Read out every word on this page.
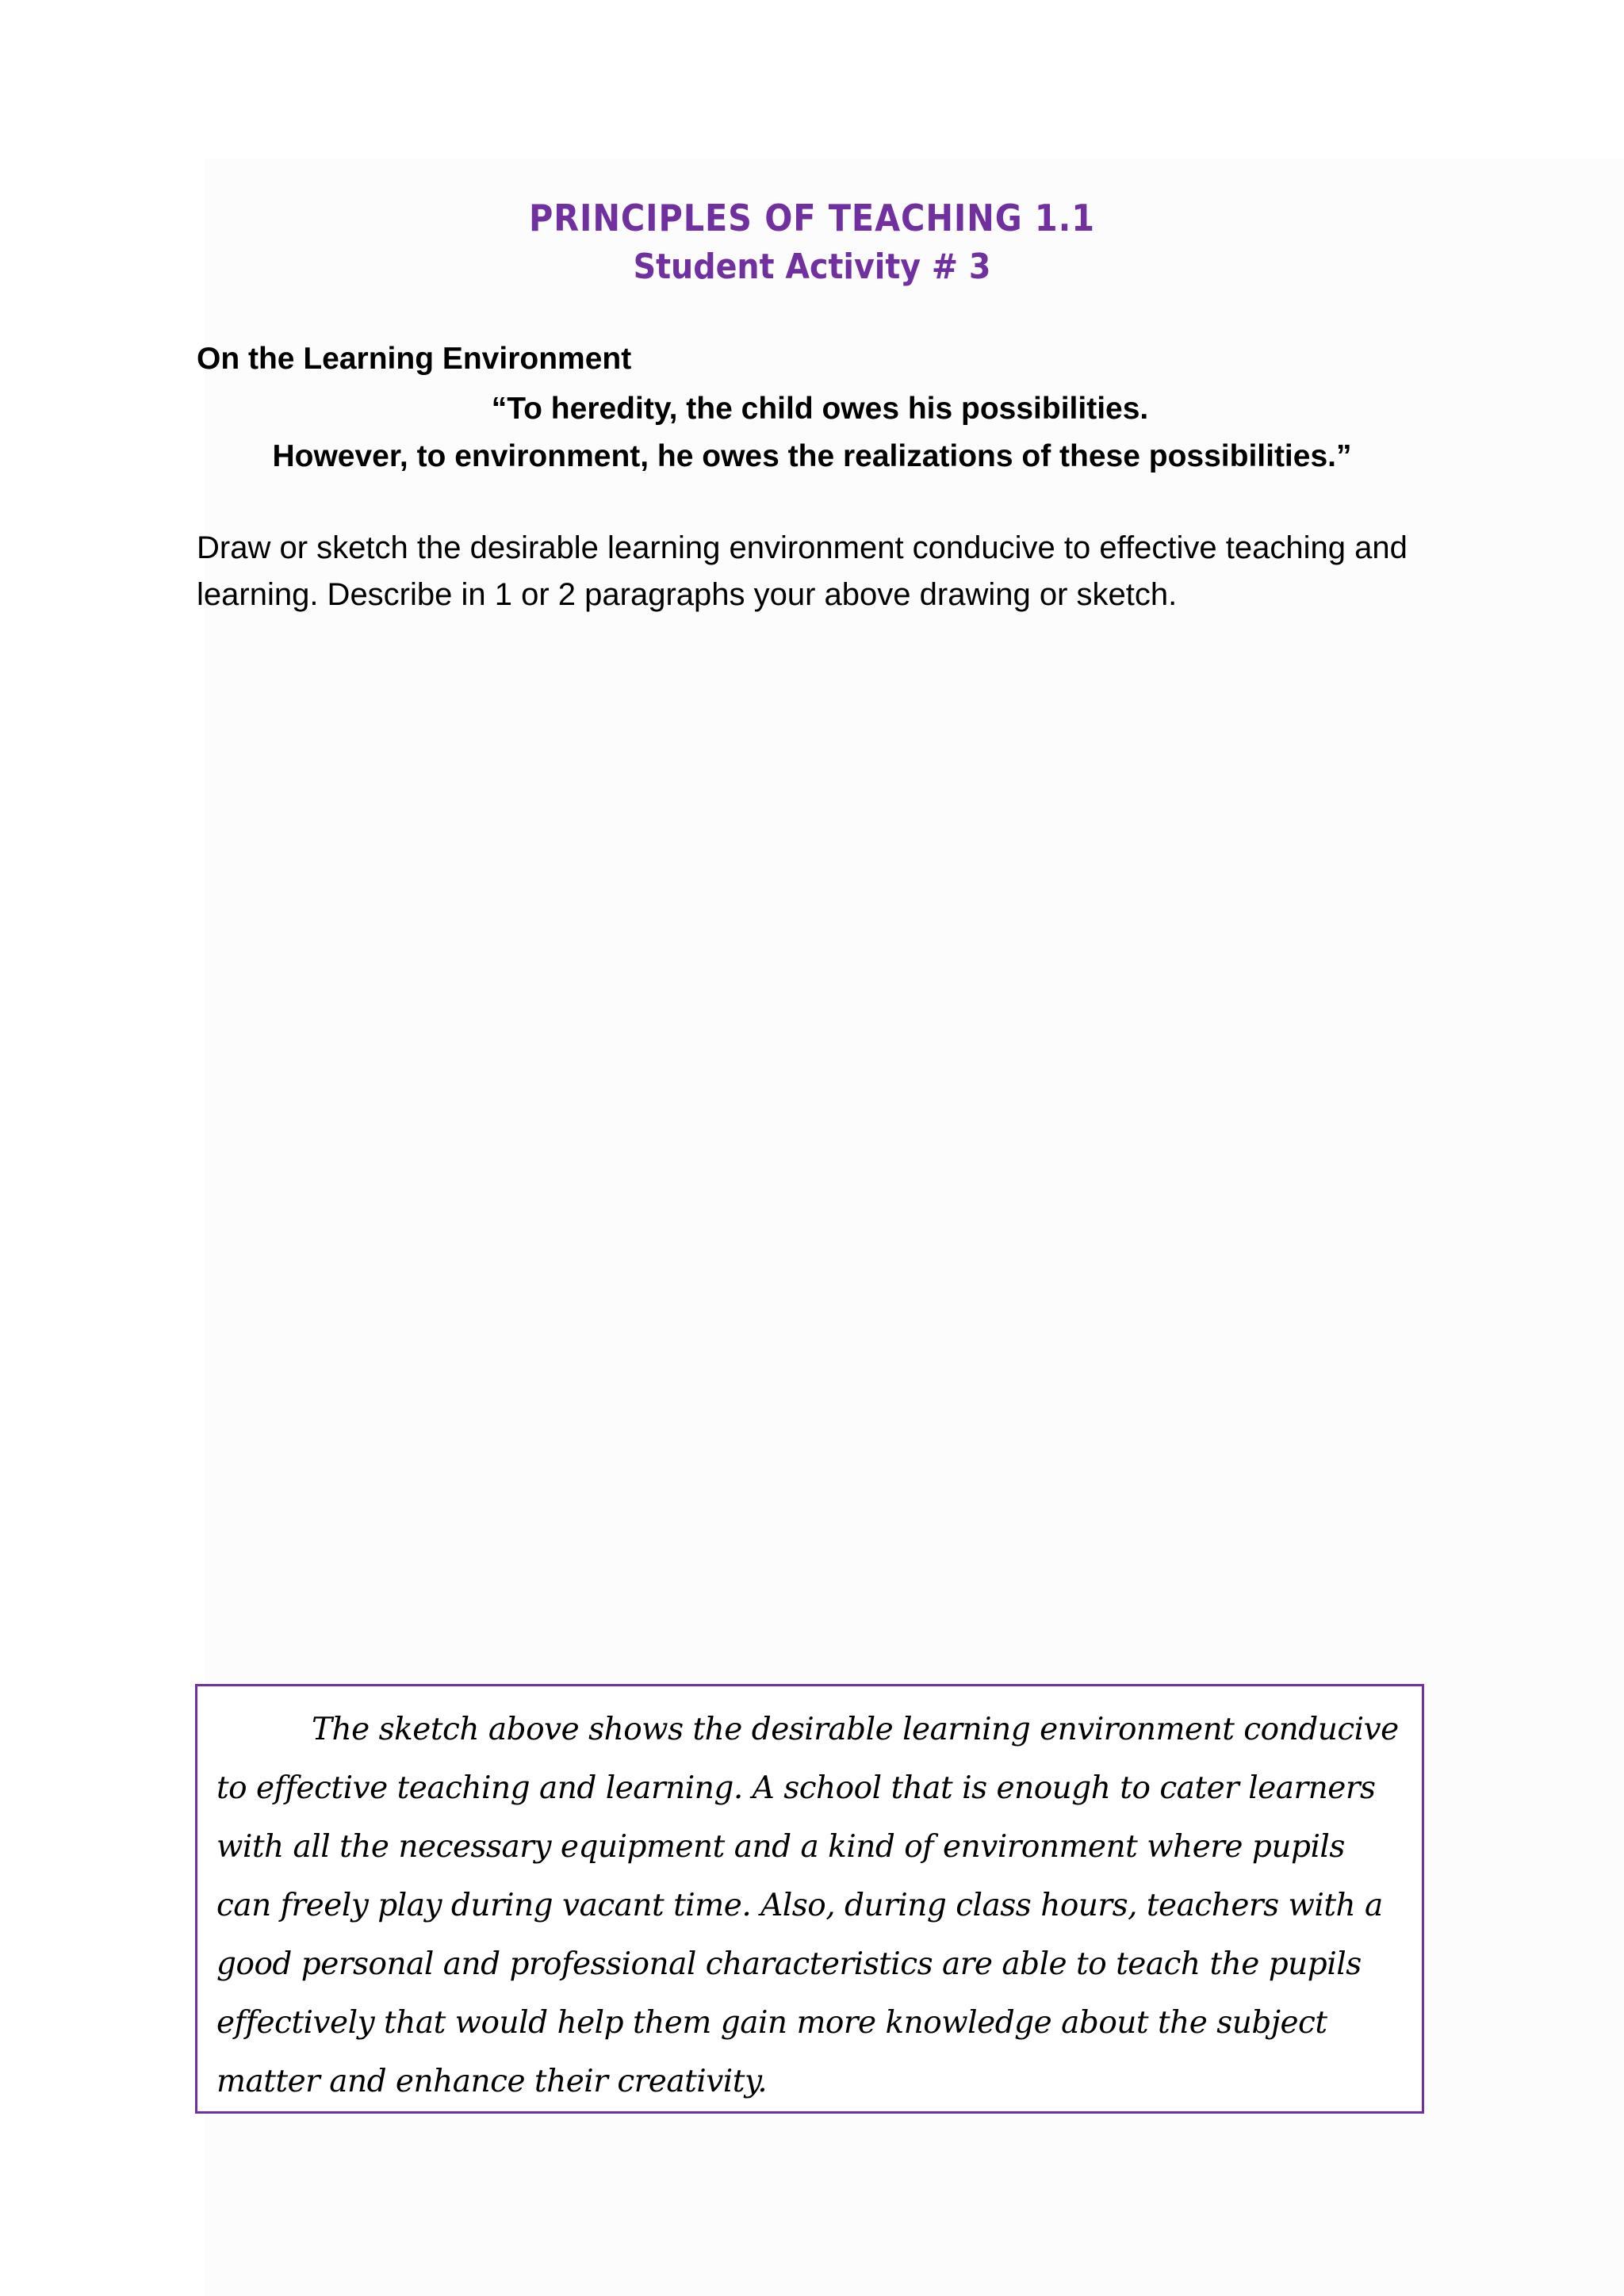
PRINCIPLES OF TEACHING 1.1
Student Activity # 3
On the Learning Environment
“To heredity, the child owes his possibilities.
However, to environment, he owes the realizations of these possibilities.”
Draw or sketch the desirable learning environment conducive to effective teaching and learning. Describe in 1 or 2 paragraphs your above drawing or sketch.
The sketch above shows the desirable learning environment conducive to effective teaching and learning. A school that is enough to cater learners with all the necessary equipment and a kind of environment where pupils can freely play during vacant time. Also, during class hours, teachers with a good personal and professional characteristics are able to teach the pupils effectively that would help them gain more knowledge about the subject matter and enhance their creativity.
